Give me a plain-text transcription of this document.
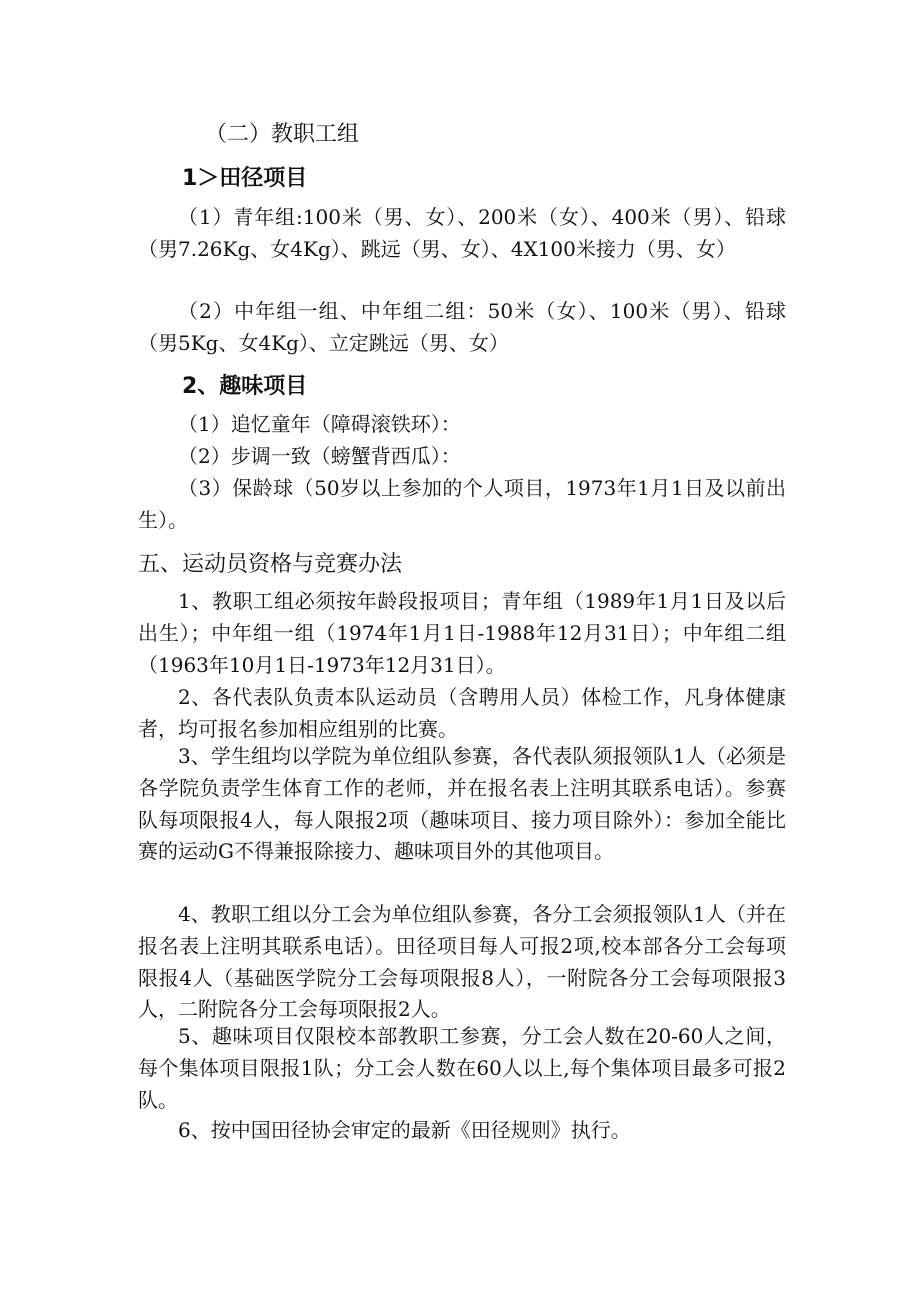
（二）教职工组
1＞田径项目
（1）青年组:100米（男、女）、200米（女）、400米（男）、铅球（男7.26Kg、女4Kg）、跳远（男、女）、4X100米接力（男、女）
（2）中年组一组、中年组二组：50米（女）、100米（男）、铅球（男5Kg、女4Kg）、立定跳远（男、女）
2、趣味项目
（1）追忆童年（障碍滚铁环）：
（2）步调一致（螃蟹背西瓜）：
（3）保龄球（50岁以上参加的个人项目，1973年1月1日及以前出生）。
五、运动员资格与竞赛办法
1、教职工组必须按年龄段报项目；青年组（1989年1月1日及以后出生）；中年组一组（1974年1月1日-1988年12月31日）；中年组二组（1963年10月1日-1973年12月31日）。
2、各代表队负责本队运动员（含聘用人员）体检工作，凡身体健康者，均可报名参加相应组别的比赛。
3、学生组均以学院为单位组队参赛，各代表队须报领队1人（必须是各学院负责学生体育工作的老师，并在报名表上注明其联系电话）。参赛队每项限报4人，每人限报2项（趣味项目、接力项目除外）：参加全能比赛的运动G不得兼报除接力、趣味项目外的其他项目。
4、教职工组以分工会为单位组队参赛，各分工会须报领队1人（并在报名表上注明其联系电话）。田径项目每人可报2项,校本部各分工会每项限报4人（基础医学院分工会每项限报8人），一附院各分工会每项限报3人，二附院各分工会每项限报2人。
5、趣味项目仅限校本部教职工参赛，分工会人数在20-60人之间，每个集体项目限报1队；分工会人数在60人以上,每个集体项目最多可报2队。
6、按中国田径协会审定的最新《田径规则》执行。
